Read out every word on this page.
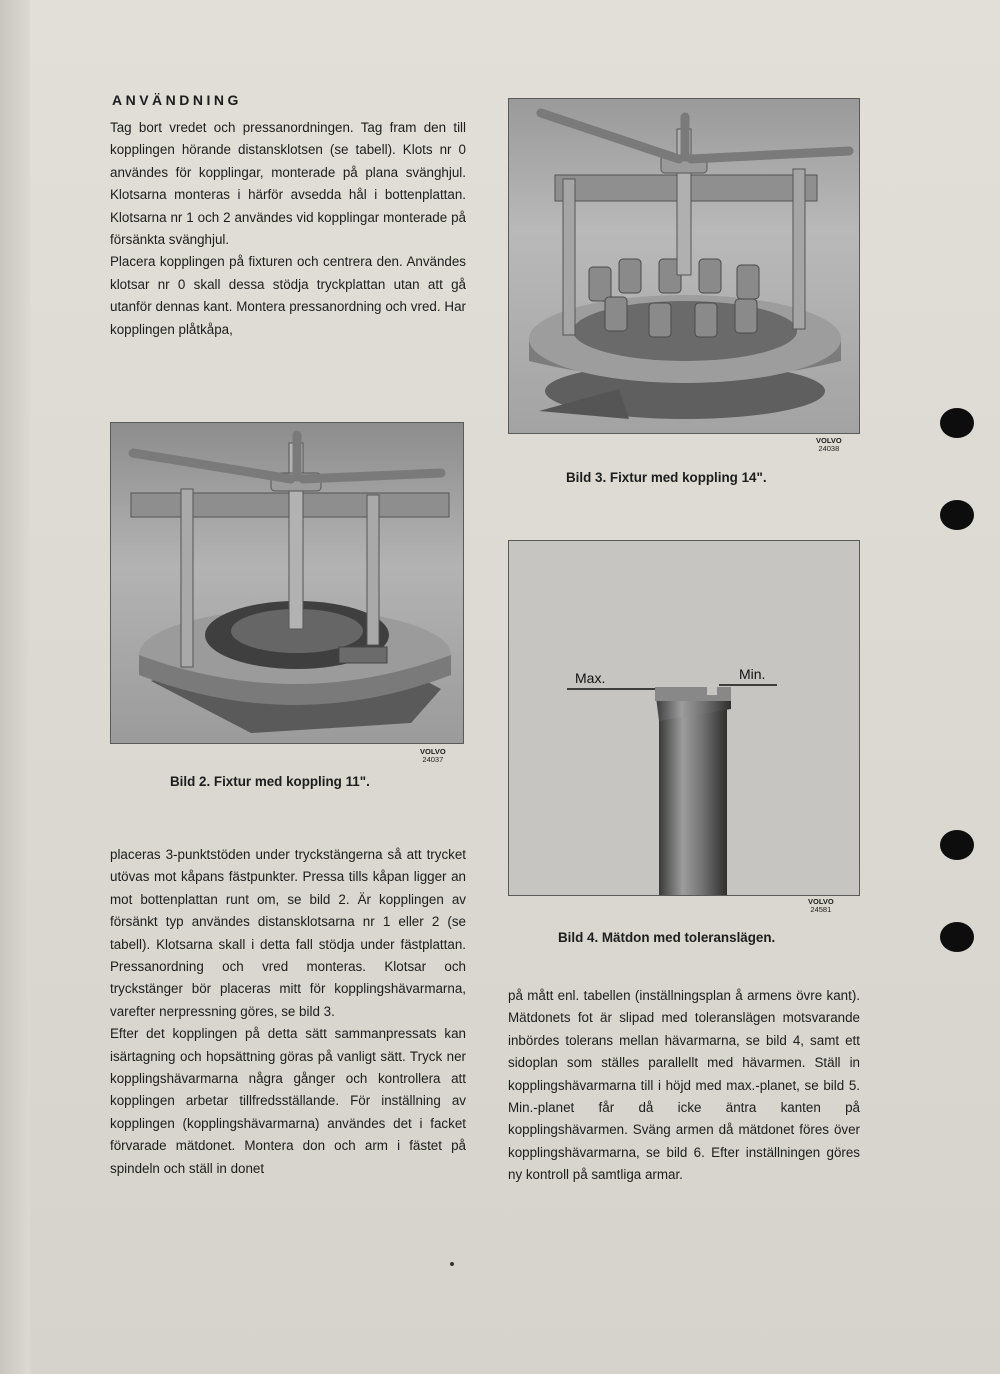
ANVÄNDNING

Tag bort vredet och pressanordningen. Tag fram den till kopplingen hörande distansklotsen (se tabell). Klots nr 0 användes för kopplingar, monterade på plana svänghjul. Klotsarna monteras i härför avsedda hål i bottenplattan. Klotsarna nr 1 och 2 användes vid kopplingar monterade på försänkta svänghjul.

Placera kopplingen på fixturen och centrera den. Användes klotsar nr 0 skall dessa stödja tryckplattan utan att gå utanför dennas kant. Montera pressanordning och vred. Har kopplingen plåtkåpa,

VOLVO
24038
Bild 3. Fixtur med koppling 14".
VOLVO
24037
Bild 2. Fixtur med koppling 11".
Max.	Min.
VOLVO
24581
Bild 4. Mätdon med toleranslägen.

placeras 3-punktstöden under tryckstängerna så att trycket utövas mot kåpans fästpunkter. Pressa tills kåpan ligger an mot bottenplattan runt om, se bild 2. Är kopplingen av försänkt typ användes distansklotsarna nr 1 eller 2 (se tabell). Klotsarna skall i detta fall stödja under fästplattan. Pressanordning och vred monteras. Klotsar och tryckstänger bör placeras mitt för kopplingshävarmarna, varefter nerpressning göres, se bild 3.

Efter det kopplingen på detta sätt sammanpressats kan isärtagning och hopsättning göras på vanligt sätt. Tryck ner kopplingshävarmarna några gånger och kontrollera att kopplingen arbetar tillfredsställande. För inställning av kopplingen (kopplingshävarmarna) användes det i facket förvarade mätdonet. Montera don och arm i fästet på spindeln och ställ in donet

på mått enl. tabellen (inställningsplan å armens övre kant). Mätdonets fot är slipad med toleranslägen motsvarande inbördes tolerans mellan hävarmarna, se bild 4, samt ett sidoplan som ställes parallellt med hävarmen. Ställ in kopplingshävarmarna till i höjd med max.-planet, se bild 5. Min.-planet får då icke äntra kanten på kopplingshävarmen. Sväng armen då mätdonet föres över kopplingshävarmarna, se bild 6. Efter inställningen göres ny kontroll på samtliga armar.
